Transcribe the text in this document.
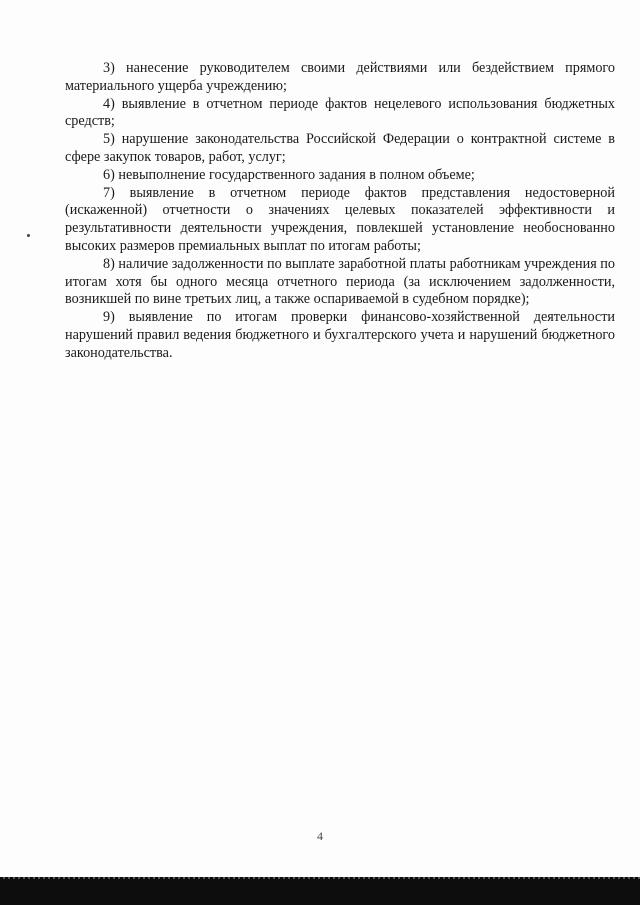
3) нанесение руководителем своими действиями или бездействием прямого материального ущерба учреждению;

4) выявление в отчетном периоде фактов нецелевого использования бюджетных средств;

5) нарушение законодательства Российской Федерации о контрактной системе в сфере закупок товаров, работ, услуг;

6) невыполнение государственного задания в полном объеме;

7) выявление в отчетном периоде фактов представления недостоверной (искаженной) отчетности о значениях целевых показателей эффективности и результативности деятельности учреждения, повлекшей установление необоснованно высоких размеров премиальных выплат по итогам работы;

8) наличие задолженности по выплате заработной платы работникам учреждения по итогам хотя бы одного месяца отчетного периода (за исключением задолженности, возникшей по вине третьих лиц, а также оспариваемой в судебном порядке);

9) выявление по итогам проверки финансово-хозяйственной деятельности нарушений правил ведения бюджетного и бухгалтерского учета и нарушений бюджетного законодательства.

4
